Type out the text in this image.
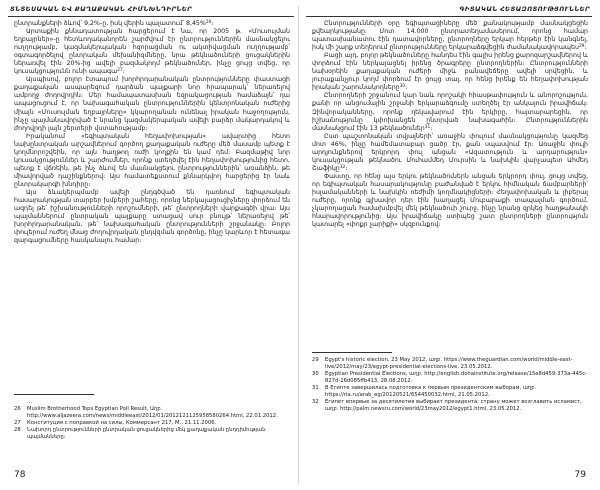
ՏՆՏԵՍԱԿԱՆ ԵՎ ՔԱՂԱՔԱԿԱՆ ՀԻՄՆԽՆԴԻՐՆԵՐ

ընտրանքների ձևով՝ 9,2%-ը, իսկ վերին պալատում՝ 8,45%$^{26}$։

Արտաքին քննադատության հարցերում է նա, որ 2005 թ. «Մուսուլման եղբայրներ»-ը հետևողականորեն շարժվում էր ընտրություններին մասնակցելու ուղղությամբ, կազմակերպական հզորացման ու ակտիվացման ուղղությամբ՝ օգտագործելով ընտրական մեխանիզմները, նրա թեկնածուների ցուցակներին ներառվել էին 20%-ից ավելի բազմակողմ թեկնածուներ, ինչը ցույց տվեց, որ կուսակցությունն ունի ապագա$^{27}$։

Այսպիսով, բոլոր էտապում խորհրդարանական ընտրությունները փաստացի քաղաքական ասպարեզում դարձան պայքարի նոր հրապարակ՝ ներառելով ամբողջ ժողովրդին։ Մեր համապատասխան եզրակացության համաձայն՝ դա ապացուցում է, որ նախագահական ընտրություններին կենտրոնական ուժերից միայն «Մուսուլման եղբայրները» կկարողանան ունենալ իրական հաջողություն, ինչը պայմանավորված է նրանց կազմակերպական ավելի բարձր մակարդակով և ժողովրդի լայն շերտերի վստահությամբ։

Իրականում «եգիպտական հեղափոխության» ավարտից հետո նախընտրական արշավներում գործող քաղաքական ուժերը մեծ մասամբ պետք է կողմնորոշվեին, որ այն հաղթող ուժի կողքին են կամ դեմ։ Բազմաթիվ նոր կուսակցություններ և շարժումներ, որոնք ստեղծվել էին հեղափոխությունից հետո, պետք է վճռեին, թե ինչ ձևով են մասնակցելու ընտրություններին՝ առանձին, թե միավորված դաշինքներով։ Այս համատեքստում քննարկվող հարցերից էր նաև ընտրակարգի խնդիրը։

Այս ձևակերպմամբ ավելի ընդգծված են դառնում եգիպտական հասարակության տարբեր խմբերի շահերը, որոնց ներկայացուցիչները փորձում են ազդել թե՛ իշխանությունների որոշումների, թե՛ ընտրողների վարքագծի վրա։ Այս պայմաններում ընտրական պայքարը ստացավ սուր բնույթ՝ ներառելով թե՛ խորհրդարանական, թե՛ նախագահական ընտրությունների շրջանակը։ Բոլոր փուլերում ուժեղ մնաց ժողովրդական ընդվզման գործոնը, ինչը կարևոր է հետագա զարգացումները հասկանալու համար։

…
26	Muslim Brotherhood Tops Egyptian Poll Result, Աղբ. http://www.aljazeera.com/news/middleeast/2012/01/2012121125958580264.html, 22.01.2012.
27	Конституция с поправкой на силы, Коммерсант 217, М., 21.11.2006.
28	Նախորդ ընտրությունների ընտրական ցուցակներից մեկ քաղաքական ընդդիմության պայմանները։
78
ԳԻՏԱԿԱՆ ՀԵՏԱԶՈՏՈՒԹՅՈՒՆՆԵՐ

Ընտրությունների օրը եգիպտացիները մեծ քանակությամբ մասնակցեցին քվեարկությանը։ Մոտ 14.000 ընտրատեղամասերում, որոնց համար պատասխանատու էին դատավորները, ընտրողները երկար հերթեր էին կանգնել, իսկ մի շարք տեղերում ընտրությունները երկարաձգվեցին ժամանակավորապես$^{29}$։

Բացի այդ, բոլոր թեկնածուները հանդես էին գալիս իրենց քարոզարշավներով և փորձում էին ներկայացնել իրենց ծրագրերը ընտրողներին։ Ընտրությունների նախօրեին քաղաքական ուժերի միջև բանավեճերը ավելի սրվեցին, և յուրաքանչյուր կողմ փորձում էր ցույց տալ, որ հենց իրենք են հեղափոխության իրական շարունակողները$^{30}$։

Ընտրողների շրջանում կար նաև որոշակի հիասթափություն և անորոշություն, քանի որ անցումային շրջանի երկարաձգումը ստեղծել էր անկայուն իրավիճակ։ Զինվորականները, որոնք ղեկավարում էին երկիրը, հայտարարեցին, որ իշխանությունը կփոխանցեն ընտրված նախագահին։ Ընտրություններին մասնակցում էին 13 թեկնածուներ$^{31}$։

Ըստ պաշտոնական տվյալների՝ առաջին փուլում մասնակցությունը կազմեց մոտ 46%, ինչը համեմատաբար ցածր էր, քան սպասվում էր։ Առաջին փուլի արդյունքներով երկրորդ փուլ անցան «Ազատություն և արդարություն» կուսակցության թեկնածու Մուհամմեդ Մուրսին և նախկին վարչապետ Ահմեդ Շաֆիկը$^{32}$։

Փաստը, որ հենց այս երկու թեկնածուներն անցան երկրորդ փուլ, ցույց տվեց, որ եգիպտական հասարակությունը բաժանված է երկու հիմնական ճամբարների՝ իսլամականների և նախկին ռեժիմի կողմնակիցների։ Հեղափոխական և լիբերալ ուժերը, որոնք գլխավոր դեր էին խաղացել Մուբարաքի տապալման գործում, չկարողացան համախմբվել մեկ թեկնածուի շուրջ, ինչը նրանց զրկեց հաղթանակի հնարավորությունից։ Այս իրավիճակը ստիպեց շատ ընտրողների ընտրություն կատարել «փոքր չարիքի» սկզբունքով։

29	Egypt's historic election, 23 May 2012, աղբ. https://www.theguardian.com/world/middle-east-live/2012/may/23/egypt-presidential-elections-live, 23.05.2012.
30	Egyptian Presidential Elections, աղբ. http://english.dohainstitute.org/release/15e8d459-373a-445c-827d-16d085ffb413, 28.08.2012.
31	В Египте завершилась подготовка к первым президентским выборам, աղբ. https://ria.ru/arab_eg/20120521/654450032.html, 21.05.2012.
32	Египет впервые за десятилетия выбирает президента: страну может возглавить исламист, աղբ. http://palm.newsru.com/world/23may2012/egypt1.html, 23.05.2012.
79
